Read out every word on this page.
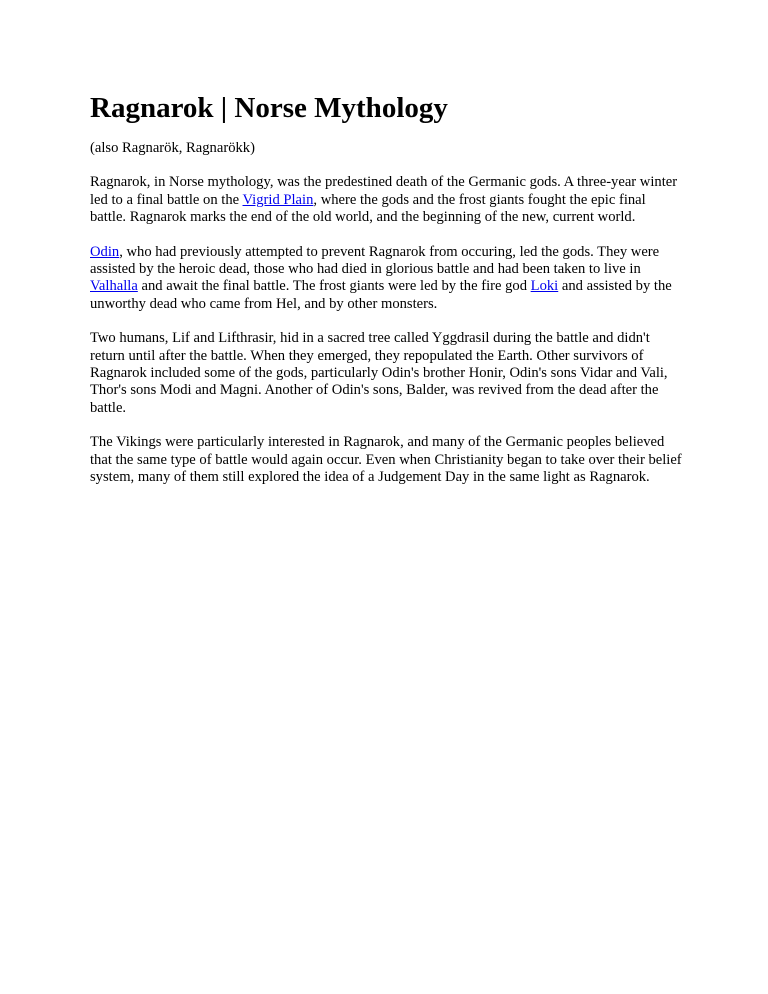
Ragnarok | Norse Mythology

(also Ragnarök, Ragnarökk)

Ragnarok, in Norse mythology, was the predestined death of the Germanic gods. A three-year winter led to a final battle on the Vigrid Plain, where the gods and the frost giants fought the epic final battle. Ragnarok marks the end of the old world, and the beginning of the new, current world.

Odin, who had previously attempted to prevent Ragnarok from occuring, led the gods. They were assisted by the heroic dead, those who had died in glorious battle and had been taken to live in Valhalla and await the final battle. The frost giants were led by the fire god Loki and assisted by the unworthy dead who came from Hel, and by other monsters.

Two humans, Lif and Lifthrasir, hid in a sacred tree called Yggdrasil during the battle and didn't return until after the battle. When they emerged, they repopulated the Earth. Other survivors of Ragnarok included some of the gods, particularly Odin's brother Honir, Odin's sons Vidar and Vali, Thor's sons Modi and Magni. Another of Odin's sons, Balder, was revived from the dead after the battle.

The Vikings were particularly interested in Ragnarok, and many of the Germanic peoples believed that the same type of battle would again occur. Even when Christianity began to take over their belief system, many of them still explored the idea of a Judgement Day in the same light as Ragnarok.
